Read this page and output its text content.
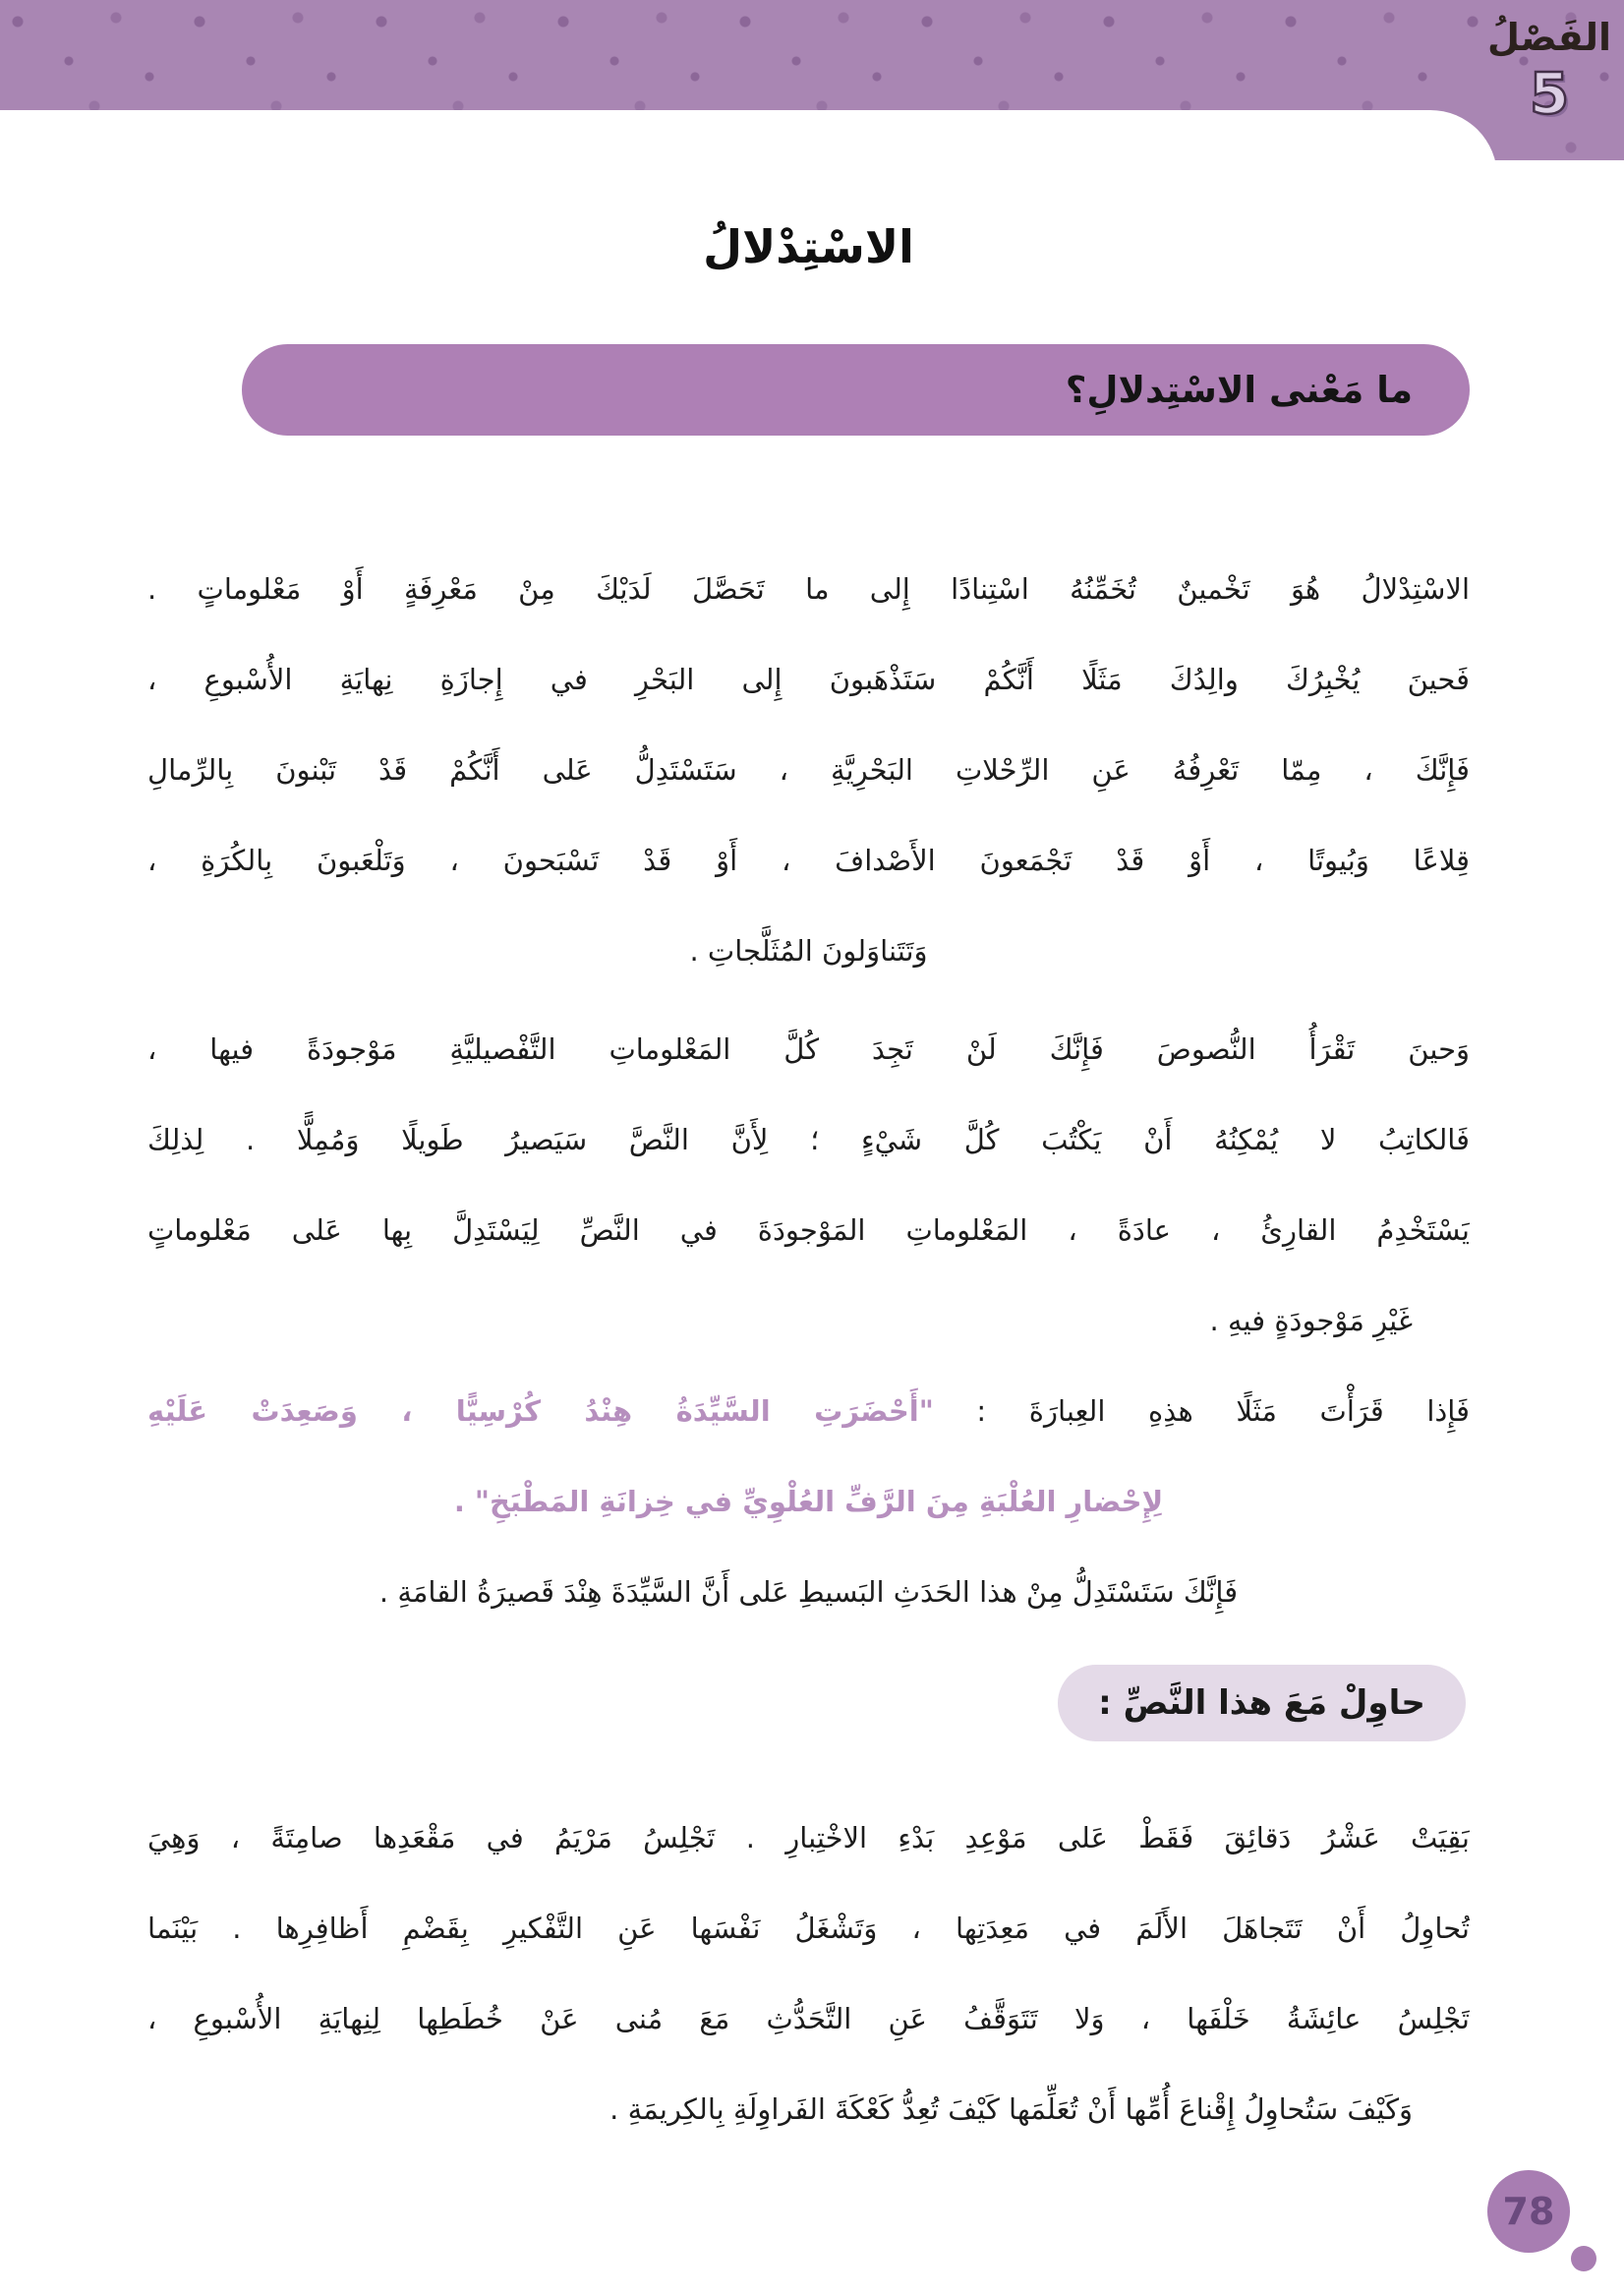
الفَصْلُ
5
الاسْتِدْلالُ
ما مَعْنى الاسْتِدلالِ؟
الاسْتِدْلالُ هُوَ تَخْمينٌ تُخَمِّنُهُ اسْتِنادًا إِلى ما تَحَصَّلَ لَدَيْكَ مِنْ مَعْرِفَةٍ أَوْ مَعْلوماتٍ .
فَحينَ يُخْبِرُكَ والِدُكَ مَثَلًا أَنَّكُمْ سَتَذْهَبونَ إِلى البَحْرِ في إِجازَةِ نِهايَةِ الأُسْبوعِ ،
فَإِنَّكَ ، مِمّا تَعْرِفُهُ عَنِ الرِّحْلاتِ البَحْرِيَّةِ ، سَتَسْتَدِلُّ عَلى أَنَّكُمْ قَدْ تَبْنونَ بِالرِّمالِ
قِلاعًا وَبُيوتًا ، أَوْ قَدْ تَجْمَعونَ الأَصْدافَ ، أَوْ قَدْ تَسْبَحونَ ، وَتَلْعَبونَ بِالكُرَةِ ،
وَتَتَناوَلونَ المُثَلَّجاتِ .
وَحينَ تَقْرَأُ النُّصوصَ فَإِنَّكَ لَنْ تَجِدَ كُلَّ المَعْلوماتِ التَّفْصيليَّةِ مَوْجودَةً فيها ،
فَالكاتِبُ لا يُمْكِنُهُ أَنْ يَكْتُبَ كُلَّ شَيْءٍ ؛ لِأَنَّ النَّصَّ سَيَصيرُ طَويلًا وَمُمِلًّا . لِذلِكَ
يَسْتَخْدِمُ القارِئُ ، عادَةً ، المَعْلوماتِ المَوْجودَةَ في النَّصِّ لِيَسْتَدِلَّ بِها عَلى مَعْلوماتٍ
غَيْرِ مَوْجودَةٍ فيهِ .
فَإِذا قَرَأْتَ مَثَلًا هذِهِ العِبارَةَ : "أَحْضَرَتِ السَّيِّدَةُ هِنْدُ كُرْسِيًّا ، وَصَعِدَتْ عَلَيْهِ
لِإِحْضارِ العُلْبَةِ مِنَ الرَّفِّ العُلْوِيِّ في خِزانَةِ المَطْبَخِ" .
فَإِنَّكَ سَتَسْتَدِلُّ مِنْ هذا الحَدَثِ البَسيطِ عَلى أَنَّ السَّيِّدَةَ هِنْدَ قَصيرَةُ القامَةِ .
حاوِلْ مَعَ هذا النَّصِّ :
بَقِيَتْ عَشْرُ دَقائِقَ فَقَطْ عَلى مَوْعِدِ بَدْءِ الاخْتِبارِ . تَجْلِسُ مَرْيَمُ في مَقْعَدِها صامِتَةً ، وَهِيَ
تُحاوِلُ أَنْ تَتَجاهَلَ الأَلَمَ في مَعِدَتِها ، وَتَشْغَلُ نَفْسَها عَنِ التَّفْكيرِ بِقَضْمِ أَظافِرِها . بَيْنَما
تَجْلِسُ عائِشَةُ خَلْفَها ، وَلا تَتَوَقَّفُ عَنِ التَّحَدُّثِ مَعَ مُنى عَنْ خُطَطِها لِنِهايَةِ الأُسْبوعِ ،
وَكَيْفَ سَتُحاوِلُ إِقْناعَ أُمِّها أَنْ تُعَلِّمَها كَيْفَ تُعِدُّ كَعْكَةَ الفَراوِلَةِ بِالكِريمَةِ .
78
